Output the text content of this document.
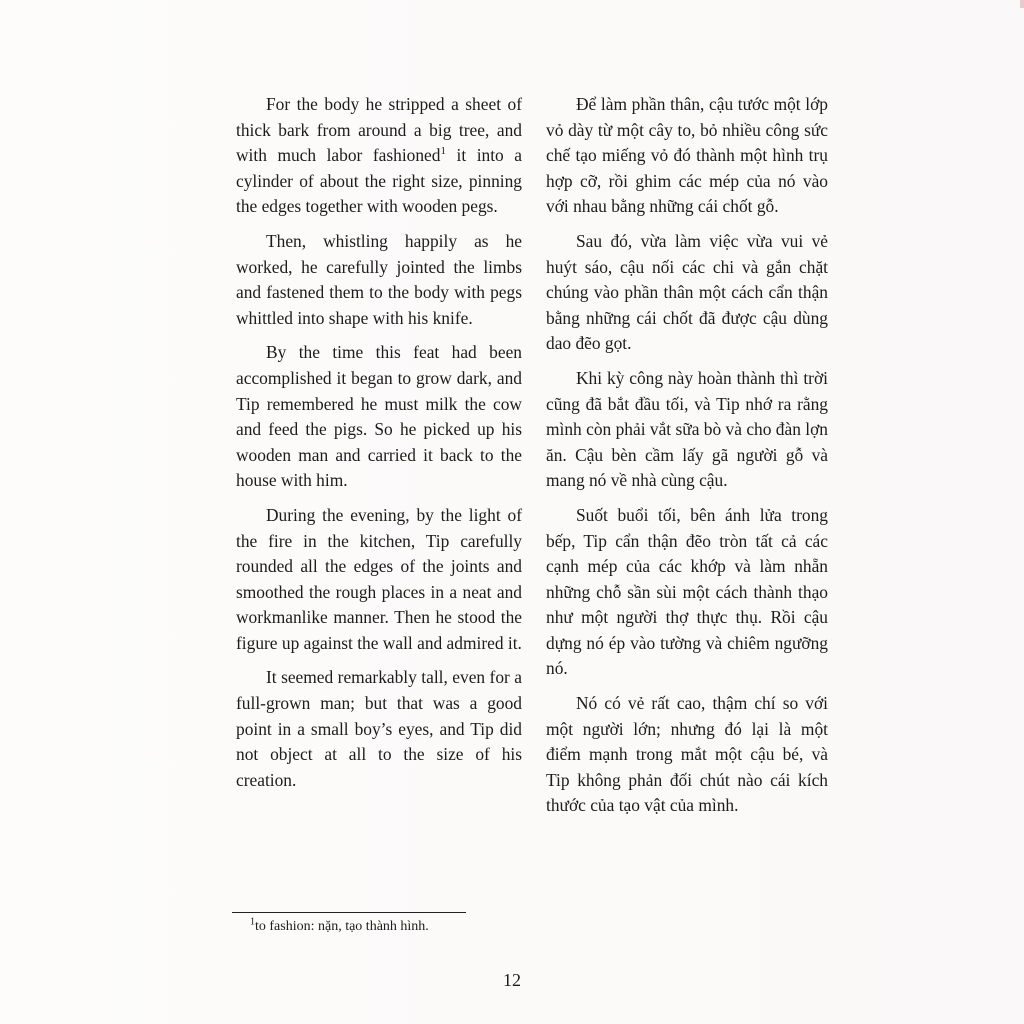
For the body he stripped a sheet of thick bark from around a big tree, and with much labor fashioned$^1$ it into a cylinder of about the right size, pinning the edges together with wooden pegs.

Then, whistling happily as he worked, he carefully jointed the limbs and fastened them to the body with pegs whittled into shape with his knife.

By the time this feat had been accomplished it began to grow dark, and Tip remembered he must milk the cow and feed the pigs. So he picked up his wooden man and carried it back to the house with him.

During the evening, by the light of the fire in the kitchen, Tip carefully rounded all the edges of the joints and smoothed the rough places in a neat and workmanlike manner. Then he stood the figure up against the wall and admired it.

It seemed remarkably tall, even for a full-grown man; but that was a good point in a small boy’s eyes, and Tip did not object at all to the size of his creation.

Để làm phần thân, cậu tước một lớp vỏ dày từ một cây to, bỏ nhiều công sức chế tạo miếng vỏ đó thành một hình trụ hợp cỡ, rồi ghim các mép của nó vào với nhau bằng những cái chốt gỗ.

Sau đó, vừa làm việc vừa vui vẻ huýt sáo, cậu nối các chi và gắn chặt chúng vào phần thân một cách cẩn thận bằng những cái chốt đã được cậu dùng dao đẽo gọt.

Khi kỳ công này hoàn thành thì trời cũng đã bắt đầu tối, và Tip nhớ ra rằng mình còn phải vắt sữa bò và cho đàn lợn ăn. Cậu bèn cầm lấy gã người gỗ và mang nó về nhà cùng cậu.

Suốt buổi tối, bên ánh lửa trong bếp, Tip cẩn thận đẽo tròn tất cả các cạnh mép của các khớp và làm nhẵn những chỗ sần sùi một cách thành thạo như một người thợ thực thụ. Rồi cậu dựng nó ép vào tường và chiêm ngưỡng nó.

Nó có vẻ rất cao, thậm chí so với một người lớn; nhưng đó lại là một điểm mạnh trong mắt một cậu bé, và Tip không phản đối chút nào cái kích thước của tạo vật của mình.

$^1$to fashion: nặn, tạo thành hình.
12
